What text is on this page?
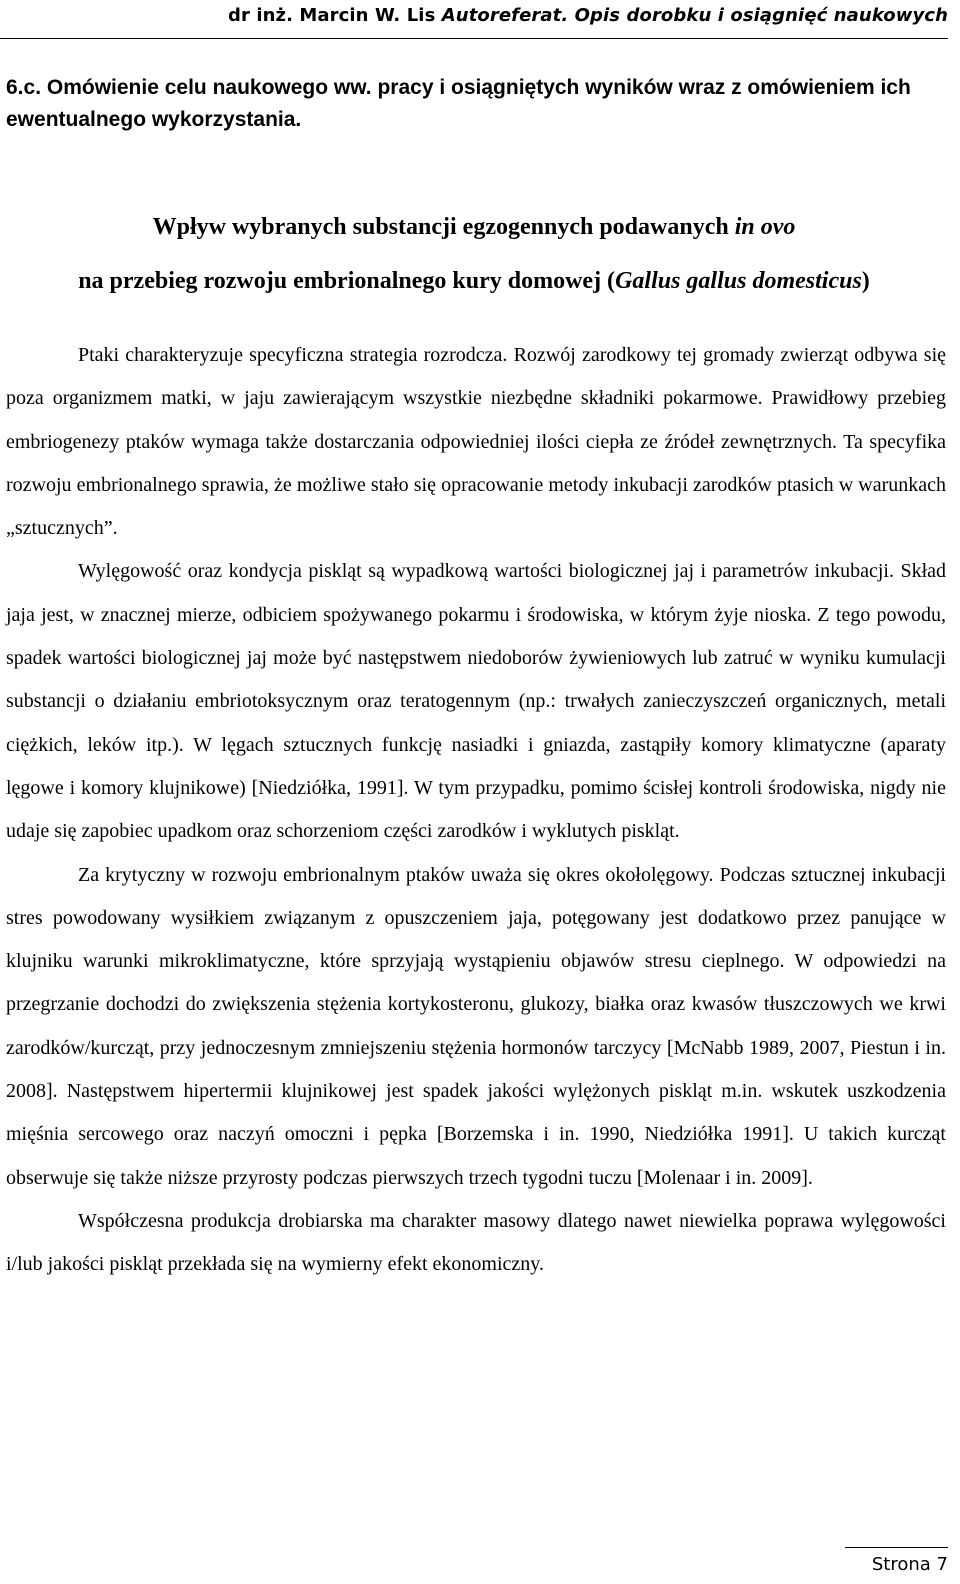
dr inż. Marcin W. Lis Autoreferat. Opis dorobku i osiągnięć naukowych
6.c. Omówienie celu naukowego ww. pracy i osiągniętych wyników wraz z omówieniem ich ewentualnego wykorzystania.
Wpływ wybranych substancji egzogennych podawanych in ovo
na przebieg rozwoju embrionalnego kury domowej (Gallus gallus domesticus)

Ptaki charakteryzuje specyficzna strategia rozrodcza. Rozwój zarodkowy tej gromady zwierząt odbywa się poza organizmem matki, w jaju zawierającym wszystkie niezbędne składniki pokarmowe. Prawidłowy przebieg embriogenezy ptaków wymaga także dostarczania odpowiedniej ilości ciepła ze źródeł zewnętrznych. Ta specyfika rozwoju embrionalnego sprawia, że możliwe stało się opracowanie metody inkubacji zarodków ptasich w warunkach „sztucznych”.

Wylęgowość oraz kondycja piskląt są wypadkową wartości biologicznej jaj i parametrów inkubacji. Skład jaja jest, w znacznej mierze, odbiciem spożywanego pokarmu i środowiska, w którym żyje nioska. Z tego powodu, spadek wartości biologicznej jaj może być następstwem niedoborów żywieniowych lub zatruć w wyniku kumulacji substancji o działaniu embriotoksycznym oraz teratogennym (np.: trwałych zanieczyszczeń organicznych, metali ciężkich, leków itp.). W lęgach sztucznych funkcję nasiadki i gniazda, zastąpiły komory klimatyczne (aparaty lęgowe i komory klujnikowe) [Niedziółka, 1991]. W tym przypadku, pomimo ścisłej kontroli środowiska, nigdy nie udaje się zapobiec upadkom oraz schorzeniom części zarodków i wyklutych piskląt.

Za krytyczny w rozwoju embrionalnym ptaków uważa się okres okołolęgowy. Podczas sztucznej inkubacji stres powodowany wysiłkiem związanym z opuszczeniem jaja, potęgowany jest dodatkowo przez panujące w klujniku warunki mikroklimatyczne, które sprzyjają wystąpieniu objawów stresu cieplnego. W odpowiedzi na przegrzanie dochodzi do zwiększenia stężenia kortykosteronu, glukozy, białka oraz kwasów tłuszczowych we krwi zarodków/kurcząt, przy jednoczesnym zmniejszeniu stężenia hormonów tarczycy [McNabb 1989, 2007, Piestun i in. 2008]. Następstwem hipertermii klujnikowej jest spadek jakości wylężonych piskląt m.in. wskutek uszkodzenia mięśnia sercowego oraz naczyń omoczni i pępka [Borzemska i in. 1990, Niedziółka 1991]. U takich kurcząt obserwuje się także niższe przyrosty podczas pierwszych trzech tygodni tuczu [Molenaar i in. 2009].

Współczesna produkcja drobiarska ma charakter masowy dlatego nawet niewielka poprawa wylęgowości i/lub jakości piskląt przekłada się na wymierny efekt ekonomiczny.

Strona 7
